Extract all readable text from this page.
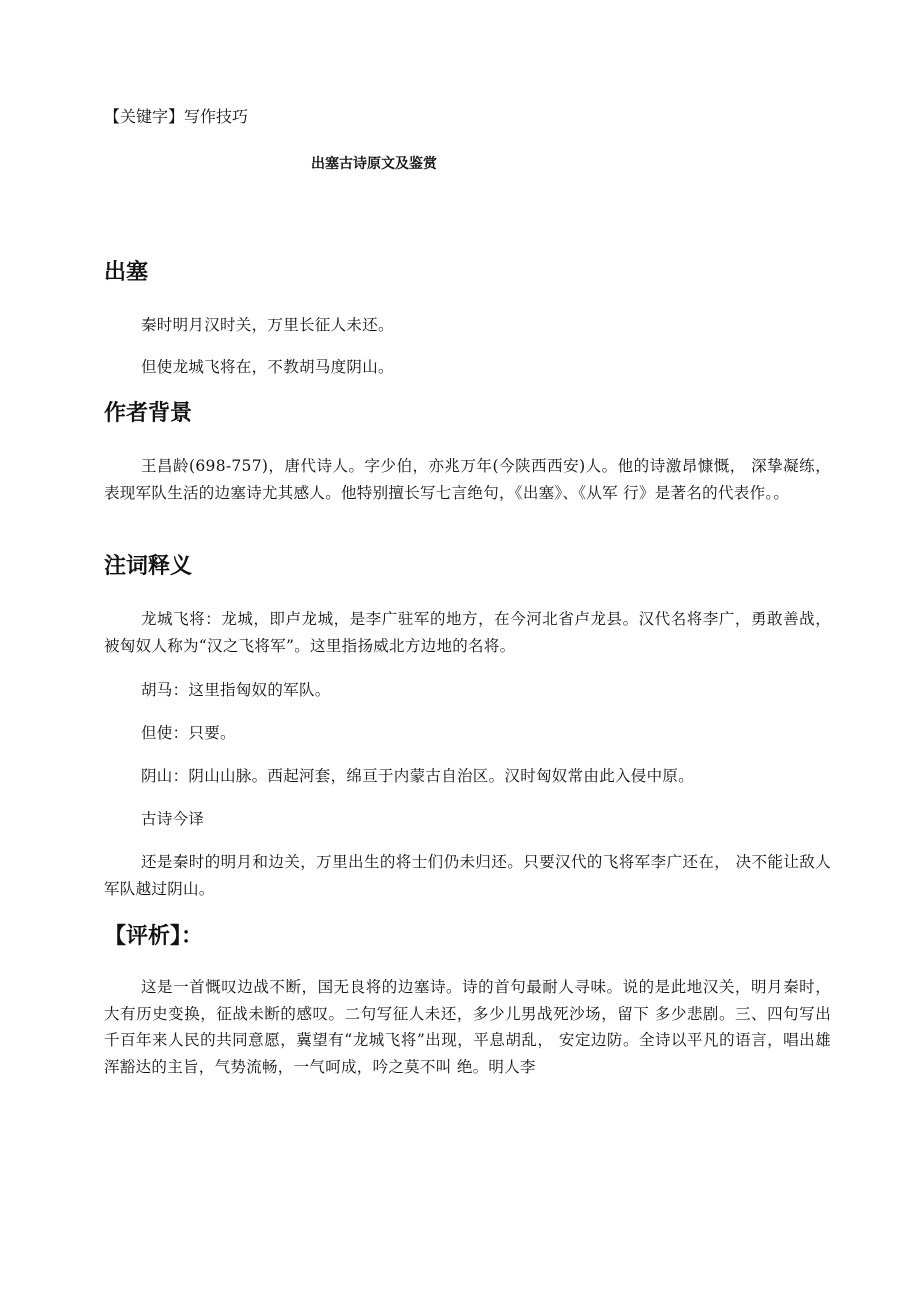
【关键字】写作技巧
出塞古诗原文及鉴赏
出塞

秦时明月汉时关，万里长征人未还。

但使龙城飞将在，不教胡马度阴山。

作者背景

王昌龄(698-757)，唐代诗人。字少伯，亦兆万年(今陕西西安)人。他的诗激昂慷慨， 深挚凝练，表现军队生活的边塞诗尤其感人。他特别擅长写七言绝句，《出塞》、《从军 行》是著名的代表作。。

注词释义

龙城飞将：龙城，即卢龙城，是李广驻军的地方，在今河北省卢龙县。汉代名将李广，勇敢善战，被匈奴人称为“汉之飞将军”。这里指扬威北方边地的名将。

胡马：这里指匈奴的军队。

但使：只要。

阴山：阴山山脉。西起河套，绵亘于内蒙古自治区。汉时匈奴常由此入侵中原。

古诗今译

还是秦时的明月和边关，万里出生的将士们仍未归还。只要汉代的飞将军李广还在， 决不能让敌人军队越过阴山。

【评析】：

这是一首慨叹边战不断，国无良将的边塞诗。诗的首句最耐人寻味。说的是此地汉关，明月秦时，大有历史变换，征战未断的感叹。二句写征人未还，多少儿男战死沙场，留下 多少悲剧。三、四句写出千百年来人民的共同意愿，冀望有“龙城飞将”出现，平息胡乱， 安定边防。全诗以平凡的语言，唱出雄浑豁达的主旨，气势流畅，一气呵成，吟之莫不叫 绝。明人李
